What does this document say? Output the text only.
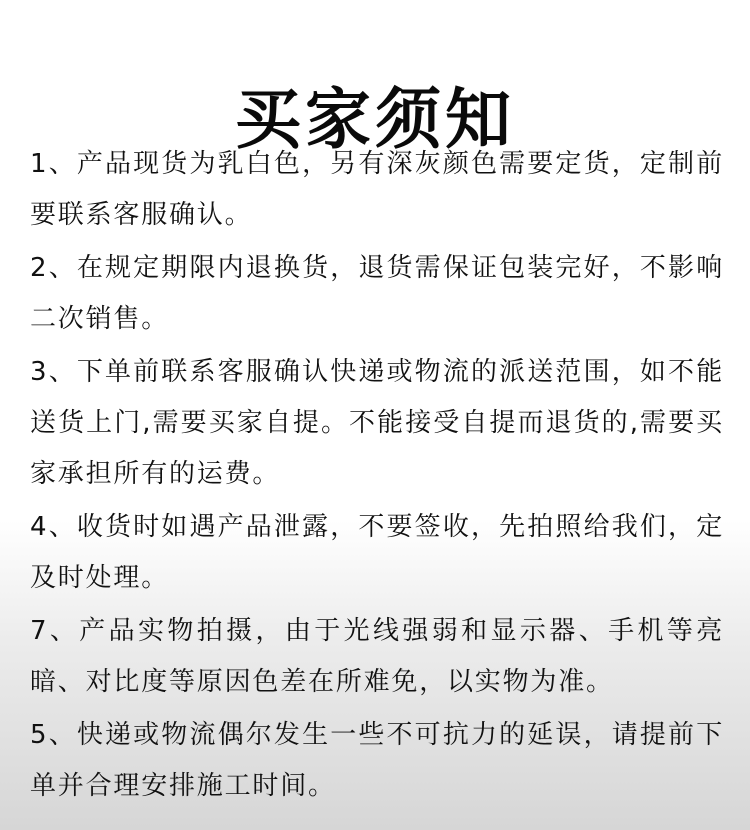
买家须知

1、产品现货为乳白色，另有深灰颜色需要定货，定制前要联系客服确认。

2、在规定期限内退换货，退货需保证包装完好，不影响二次销售。

3、下单前联系客服确认快递或物流的派送范围，如不能送货上门,需要买家自提。不能接受自提而退货的,需要买家承担所有的运费。

4、收货时如遇产品泄露，不要签收，先拍照给我们，定及时处理。

7、产品实物拍摄，由于光线强弱和显示器、手机等亮暗、对比度等原因色差在所难免，以实物为准。

5、快递或物流偶尔发生一些不可抗力的延误，请提前下单并合理安排施工时间。
